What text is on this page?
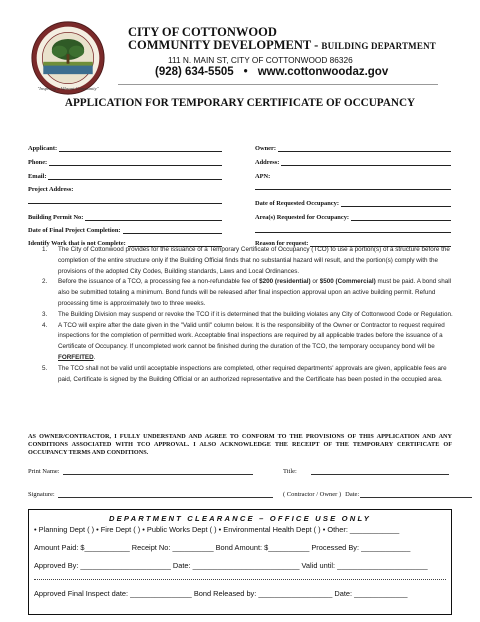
"Inspiring a Vibrant Community"
CITY OF COTTONWOOD
COMMUNITY DEVELOPMENT - BUILDING DEPARTMENT
111 N. MAIN ST, CITY OF COTTONWOOD 86326
(928) 634-5505 • www.cottonwoodaz.gov
APPLICATION FOR TEMPORARY CERTIFICATE OF OCCUPANCY
Applicant:
Phone:
Email:
Project Address:
Building Permit No:
Date of Final Project Completion:
Identify Work that is not Complete:
Owner:
Address:
APN:
Date of Requested Occupancy:
Area(s) Requested for Occupancy:
Reason for request:
1. The City of Cottonwood provides for the issuance of a Temporary Certificate of Occupancy (TCO) to use a portion(s) of a structure before the completion of the entire structure only if the Building Official finds that no substantial hazard will result, and the portion(s) comply with the provisions of the adopted City Codes, Building standards, Laws and Local Ordinances.
2. Before the issuance of a TCO, a processing fee a non-refundable fee of $200 (residential) or $500 (Commercial) must be paid. A bond shall also be submitted totaling a minimum. Bond funds will be released after final inspection approval upon an active building permit. Refund processing time is approximately two to three weeks.
3. The Building Division may suspend or revoke the TCO if it is determined that the building violates any City of Cottonwood Code or Regulation.
4. A TCO will expire after the date given in the "Valid until" column below. It is the responsibility of the Owner or Contractor to request required inspections for the completion of permitted work. Acceptable final inspections are required by all applicable trades before the issuance of a Certificate of Occupancy. If uncompleted work cannot be finished during the duration of the TCO, the temporary occupancy bond will be FORFEITED.
5. The TCO shall not be valid until acceptable inspections are completed, other required departments' approvals are given, applicable fees are paid, Certificate is signed by the Building Official or an authorized representative and the Certificate has been posted in the occupied area.
AS OWNER/CONTRACTOR, I FULLY UNDERSTAND AND AGREE TO CONFORM TO THE PROVISIONS OF THIS APPLICATION AND ANY CONDITIONS ASSOCIATED WITH TCO APPROVAL. I ALSO ACKNOWLEDGE THE RECEIPT OF THE TEMPORARY CERTIFICATE OF OCCUPANCY TERMS AND CONDITIONS.
Print Name:	Title:
Signature:	( Contractor / Owner ) Date:
DEPARTMENT CLEARANCE – OFFICE USE ONLY
• Planning Dept ( ) • Fire Dept ( ) • Public Works Dept ( ) • Environmental Health Dept ( ) • Other: ____________
Amount Paid: $___________ Receipt No: __________ Bond Amount: $__________ Processed By: ____________
Approved By: ______________________ Date: __________________________ Valid until: ______________________
Approved Final Inspect date: _______________ Bond Released by: __________________ Date: _____________
